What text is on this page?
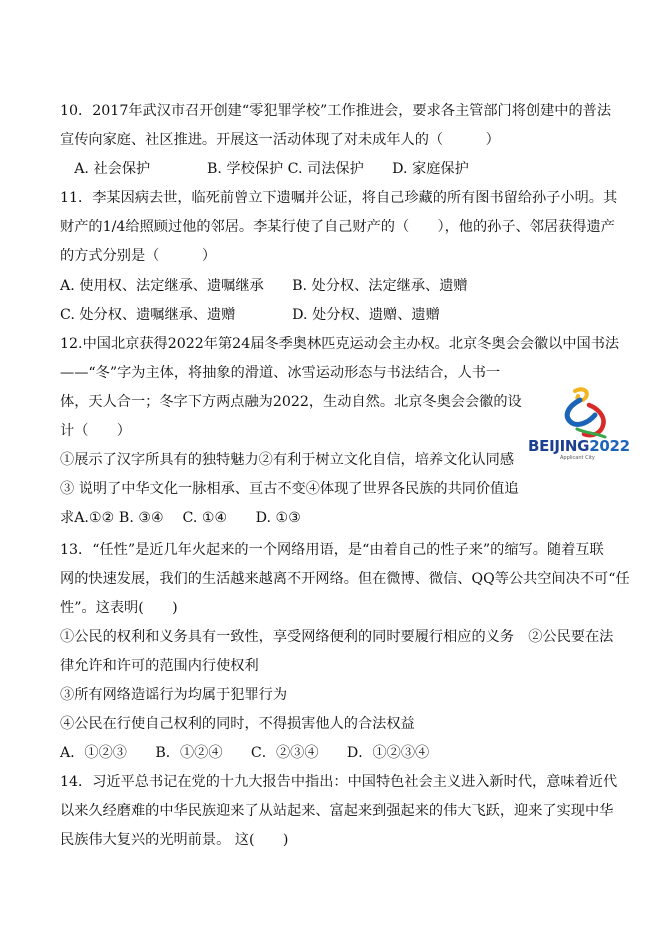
10．2017年武汉市召开创建“零犯罪学校”工作推进会，要求各主管部门将创建中的普法
宣传向家庭、社区推进。开展这一活动体现了对未成年人的（　　　）
　A. 社会保护　　　　B. 学校保护 C. 司法保护　　D. 家庭保护
11．李某因病去世，临死前曾立下遗嘱并公证，将自己珍藏的所有图书留给孙子小明。其
财产的1/4给照顾过他的邻居。李某行使了自己财产的（　　），他的孙子、邻居获得遗产
的方式分别是（　　　）
A. 使用权、法定继承、遗嘱继承　　B. 处分权、法定继承、遗赠
C. 处分权、遗嘱继承、遗赠　　　　D. 处分权、遗赠、遗赠
12.中国北京获得2022年第24届冬季奥林匹克运动会主办权。北京冬奥会会徽以中国书法
——“冬”字为主体，将抽象的滑道、冰雪运动形态与书法结合，人书一
体，天人合一；冬字下方两点融为2022，生动自然。北京冬奥会会徽的设
计（　　）
①展示了汉字所具有的独特魅力②有利于树立文化自信，培养文化认同感
③ 说明了中华文化一脉相承、亘古不变④体现了世界各民族的共同价值追
求A.①② B. ③④　 C. ①④　　D. ①③
BEIJING2022
Applicant City
13．“任性”是近几年火起来的一个网络用语，是“由着自己的性子来”的缩写。随着互联
网的快速发展，我们的生活越来越离不开网络。但在微博、微信、QQ等公共空间决不可“任
性”。这表明(　　)
①公民的权利和义务具有一致性，享受网络便利的同时要履行相应的义务　②公民要在法
律允许和许可的范围内行使权利
③所有网络造谣行为均属于犯罪行为
④公民在行使自己权利的同时，不得损害他人的合法权益
A．①②③　　B．①②④　　C．②③④　　D．①②③④
14．习近平总书记在党的十九大报告中指出：中国特色社会主义进入新时代，意味着近代
以来久经磨难的中华民族迎来了从站起来、富起来到强起来的伟大飞跃，迎来了实现中华
民族伟大复兴的光明前景。 这(　　)
